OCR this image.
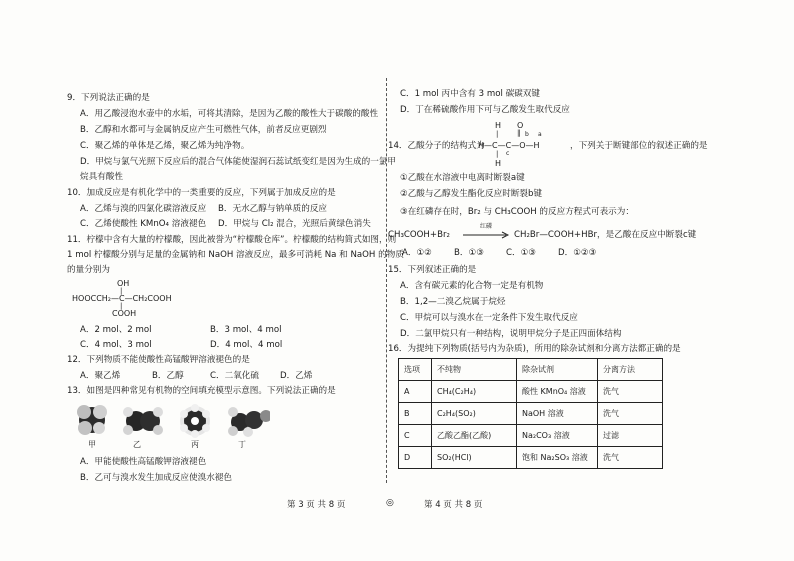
9．下列说法正确的是
A．用乙酸浸泡水壶中的水垢，可将其清除，是因为乙酸的酸性大于碳酸的酸性
B．乙醇和水都可与金属钠反应产生可燃性气体，前者反应更剧烈
C．聚乙烯的单体是乙烯，聚乙烯为纯净物。
D．甲烷与氯气光照下反应后的混合气体能使湿润石蕊试纸变红是因为生成的一氯甲
烷具有酸性
10．加成反应是有机化学中的一类重要的反应，下列属于加成反应的是
A．乙烯与溴的四氯化碳溶液反应 B．无水乙醇与钠单质的反应
C．乙烯使酸性 KMnO₄ 溶液褪色 D．甲烷与 Cl₂ 混合，光照后黄绿色消失
11．柠檬中含有大量的柠檬酸，因此被誉为“柠檬酸仓库”。柠檬酸的结构简式如图，则
1 mol 柠檬酸分别与足量的金属钠和 NaOH 溶液反应，最多可消耗 Na 和 NaOH 的物质
的量分别为
OH
|
HOOCCH₂—C—CH₂COOH
|
COOH
A．2 mol、2 mol	B．3 mol、4 mol
C．4 mol、3 mol	D．4 mol、4 mol
12．下列物质不能使酸性高锰酸钾溶液褪色的是
A．聚乙烯	B．乙醇	C．二氧化硫 D．乙烯
13．如图是四种常见有机物的空间填充模型示意图。下列说法正确的是
甲	乙	丙	丁
A．甲能使酸性高锰酸钾溶液褪色
B．乙可与溴水发生加成反应使溴水褪色
C．1 mol 丙中含有 3 mol 碳碳双键
D．丁在稀硫酸作用下可与乙酸发生取代反应
14．乙酸分子的结构式为
H O
|	‖
H—C—C—O—H
a
b
c
|
H
，下列关于断键部位的叙述正确的是
①乙酸在水溶液中电离时断裂a键
②乙酸与乙醇发生酯化反应时断裂b键
③在红磷存在时，Br₂ 与 CH₃COOH 的反应方程式可表示为：
CH₃COOH+Br₂
红磷
CH₂Br—COOH+HBr，是乙酸在反应中断裂c键
A．①②	B．①③	C．①③	D．①②③
15．下列叙述正确的是
A．含有碳元素的化合物一定是有机物
B．1,2—二溴乙烷属于烷烃
C．甲烷可以与溴水在一定条件下发生取代反应
D．二氯甲烷只有一种结构，说明甲烷分子是正四面体结构
16．为提纯下列物质(括号内为杂质)，所用的除杂试剂和分离方法都正确的是
选项	不纯物	除杂试剂	分离方法
A	CH₄(C₂H₄)	酸性 KMnO₄ 溶液	洗气
B	C₂H₄(SO₂)	NaOH 溶液	洗气
C	乙酸乙酯(乙酸)	Na₂CO₃ 溶液	过滤
D	SO₂(HCl)	饱和 Na₂SO₃ 溶液	洗气
第 3 页 共 8 页	◎	第 4 页 共 8 页
